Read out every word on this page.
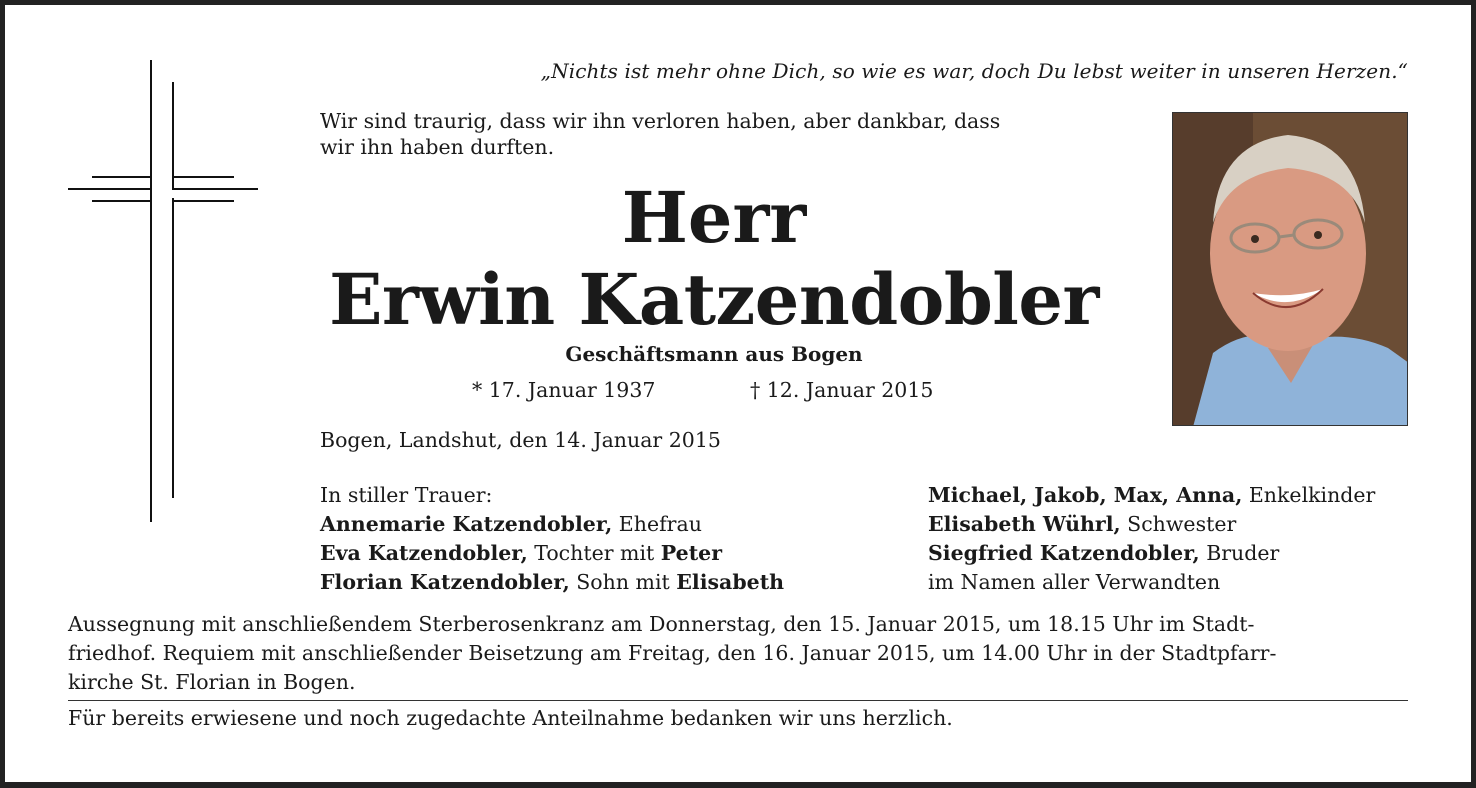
„Nichts ist mehr ohne Dich, so wie es war, doch Du lebst weiter in unseren Herzen.“
Wir sind traurig, dass wir ihn verloren haben, aber dankbar, dass
wir ihn haben durften.
Herr
Erwin Katzendobler
Geschäftsmann aus Bogen
* 17. Januar 1937	† 12. Januar 2015
Bogen, Landshut, den 14. Januar 2015
In stiller Trauer:
Annemarie Katzendobler, Ehefrau
Eva Katzendobler, Tochter mit Peter
Florian Katzendobler, Sohn mit Elisabeth
Michael, Jakob, Max, Anna, Enkelkinder
Elisabeth Wührl, Schwester
Siegfried Katzendobler, Bruder
im Namen aller Verwandten
Aussegnung mit anschließendem Sterberosenkranz am Donnerstag, den 15. Januar 2015, um 18.15 Uhr im Stadt-
friedhof. Requiem mit anschließender Beisetzung am Freitag, den 16. Januar 2015, um 14.00 Uhr in der Stadtpfarr-
kirche St. Florian in Bogen.
Für bereits erwiesene und noch zugedachte Anteilnahme bedanken wir uns herzlich.
